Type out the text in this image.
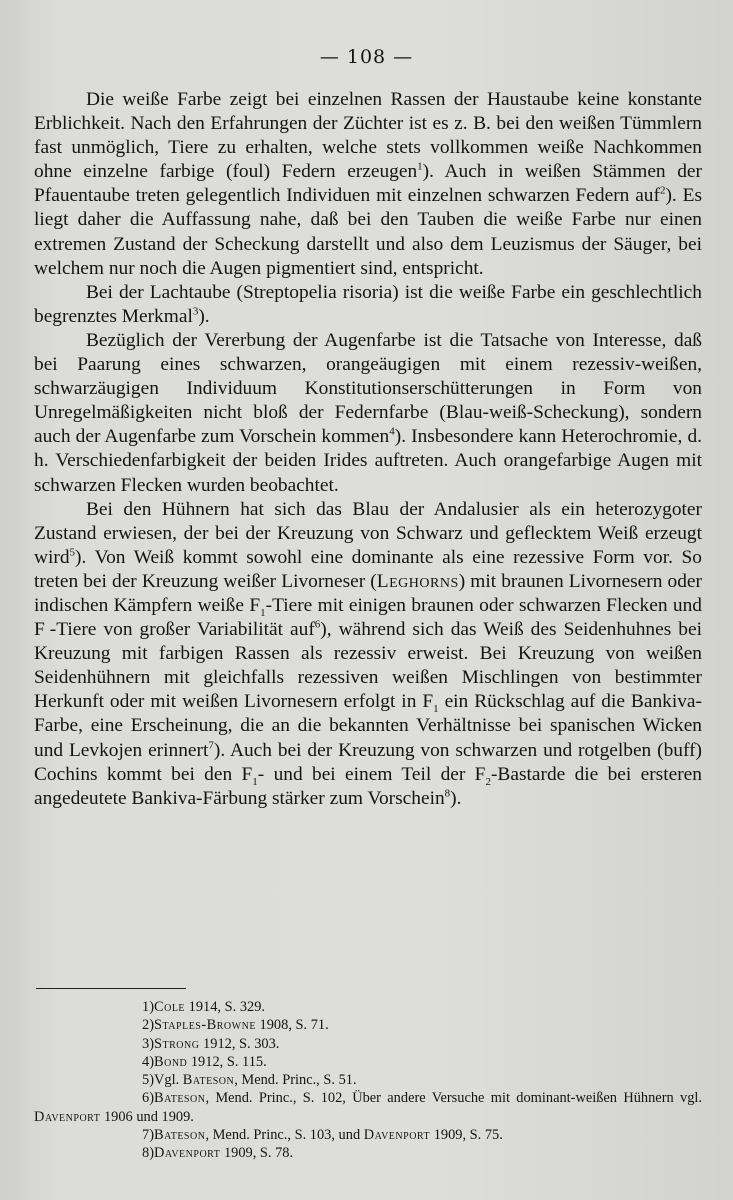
— 108 —

Die weiße Farbe zeigt bei einzelnen Rassen der Haustaube keine konstante Erblichkeit. Nach den Erfahrungen der Züchter ist es z. B. bei den weißen Tümmlern fast unmöglich, Tiere zu erhalten, welche stets vollkommen weiße Nachkommen ohne einzelne farbige (foul) Federn erzeugen$^1$). Auch in weißen Stämmen der Pfauentaube treten gelegentlich Individuen mit einzelnen schwarzen Federn auf$^2$). Es liegt daher die Auffassung nahe, daß bei den Tauben die weiße Farbe nur einen extremen Zustand der Scheckung darstellt und also dem Leuzismus der Säuger, bei welchem nur noch die Augen pigmentiert sind, entspricht.

Bei der Lachtaube (Streptopelia risoria) ist die weiße Farbe ein geschlechtlich begrenztes Merkmal$^3$).

Bezüglich der Vererbung der Augenfarbe ist die Tatsache von Interesse, daß bei Paarung eines schwarzen, orangeäugigen mit einem rezessiv-weißen, schwarzäugigen Individuum Konstitutionserschütterungen in Form von Unregelmäßigkeiten nicht bloß der Federnfarbe (Blau-weiß-Scheckung), sondern auch der Augenfarbe zum Vorschein kommen$^4$). Insbesondere kann Heterochromie, d. h. Verschiedenfarbigkeit der beiden Irides auftreten. Auch orangefarbige Augen mit schwarzen Flecken wurden beobachtet.

Bei den Hühnern hat sich das Blau der Andalusier als ein heterozygoter Zustand erwiesen, der bei der Kreuzung von Schwarz und geflecktem Weiß erzeugt wird$^5$). Von Weiß kommt sowohl eine dominante als eine rezessive Form vor. So treten bei der Kreuzung weißer Livorneser (Leghorns) mit braunen Livornesern oder indischen Kämpfern weiße $F_1$-Tiere mit einigen braunen oder schwarzen Flecken und F -Tiere von großer Variabilität auf$^6$), während sich das Weiß des Seidenhuhnes bei Kreuzung mit farbigen Rassen als rezessiv erweist. Bei Kreuzung von weißen Seidenhühnern mit gleichfalls rezessiven weißen Mischlingen von bestimmter Herkunft oder mit weißen Livornesern erfolgt in $F_1$ ein Rückschlag auf die Bankiva-Farbe, eine Erscheinung, die an die bekannten Verhältnisse bei spanischen Wicken und Levkojen erinnert$^7$). Auch bei der Kreuzung von schwarzen und rotgelben (buff) Cochins kommt bei den $F_1-$ und bei einem Teil der $F_2$-Bastarde die bei ersteren angedeutete Bankiva-Färbung stärker zum Vorschein$^8$).

1)Cole 1914, S. 329.

2)Staples-Browne 1908, S. 71.

3)Strong 1912, S. 303.

4)Bond 1912, S. 115.

5)Vgl. Bateson, Mend. Princ., S. 51.

6)Bateson, Mend. Princ., S. 102, Über andere Versuche mit dominant-weißen Hühnern vgl. Davenport 1906 und 1909.

7)Bateson, Mend. Princ., S. 103, und Davenport 1909, S. 75.

8)Davenport 1909, S. 78.
